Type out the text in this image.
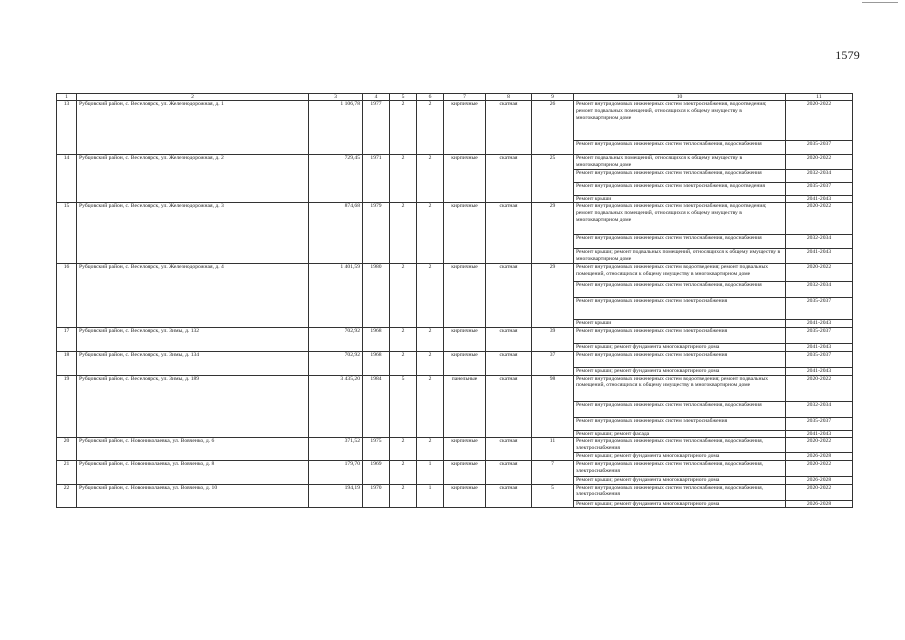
1579
1	2	3	4	5	6	7	8	9	10	11
13	Рубцовский район, с. Веселоярск, ул. Железнодорожная, д. 1	1 106,78	1977	2	2	кирпичные	скатная	26	Ремонт внутридомовых инженерных систем электроснабжения, водоотведения; ремонт подвальных помещений, относящихся к общему имуществу в многоквартирном доме	2020-2022
									Ремонт внутридомовых инженерных систем теплоснабжения, водоснабжения	2035-2037
14	Рубцовский район, с. Веселоярск, ул. Железнодорожная, д. 2	729,45	1971	2	2	кирпичные	скатная	25	Ремонт подвальных помещений, относящихся к общему имуществу в многоквартирном доме	2020-2022
									Ремонт внутридомовых инженерных систем теплоснабжения, водоснабжения	2032-2034
									Ремонт внутридомовых инженерных систем электроснабжения, водоотведения	2035-2037
									Ремонт крыши	2041-2043
15	Рубцовский район, с. Веселоярск, ул. Железнодорожная, д. 3	874,68	1979	2	2	кирпичные	скатная	29	Ремонт внутридомовых инженерных систем электроснабжения, водоотведения; ремонт подвальных помещений, относящихся к общему имуществу в многоквартирном доме	2020-2022
									Ремонт внутридомовых инженерных систем теплоснабжения, водоснабжения	2032-2034
									Ремонт крыши; ремонт подвальных помещений, относящихся к общему имуществу в многоквартирном доме	2041-2043
16	Рубцовский район, с. Веселоярск, ул. Железнодорожная, д. 4	1 401,59	1980	2	2	кирпичные	скатная	29	Ремонт внутридомовых инженерных систем водоотведения; ремонт подвальных помещений, относящихся к общему имуществу в многоквартирном доме	2020-2022
									Ремонт внутридомовых инженерных систем теплоснабжения, водоснабжения	2032-2034
									Ремонт внутридомовых инженерных систем электроснабжения	2035-2037
									Ремонт крыши	2041-2043
17	Рубцовский район, с. Веселоярск, ул. Зимы, д. 132	702,92	1968	2	2	кирпичные	скатная	39	Ремонт внутридомовых инженерных систем электроснабжения	2035-2037
									Ремонт крыши; ремонт фундамента многоквартирного дома	2041-2043
18	Рубцовский район, с. Веселоярск, ул. Зимы, д. 134	702,92	1968	2	2	кирпичные	скатная	37	Ремонт внутридомовых инженерных систем электроснабжения	2035-2037
									Ремонт крыши; ремонт фундамента многоквартирного дома	2041-2043
19	Рубцовский район, с. Веселоярск, ул. Зимы, д. 189	3 435,20	1984	5	2	панельные	скатная	98	Ремонт внутридомовых инженерных систем водоотведения; ремонт подвальных помещений, относящихся к общему имуществу в многоквартирном доме	2020-2022
									Ремонт внутридомовых инженерных систем теплоснабжения, водоснабжения	2032-2034
									Ремонт внутридомовых инженерных систем электроснабжения	2035-2037
									Ремонт крыши; ремонт фасада	2041-2043
20	Рубцовский район, с. Новониколаевка, ул. Вовченко, д. 6	371,52	1975	2	2	кирпичные	скатная	11	Ремонт внутридомовых инженерных систем теплоснабжения, водоснабжения, электроснабжения	2020-2022
									Ремонт крыши; ремонт фундамента многоквартирного дома	2026-2028
21	Рубцовский район, с. Новониколаевка, ул. Вовченко, д. 8	179,70	1969	2	1	кирпичные	скатная	7	Ремонт внутридомовых инженерных систем теплоснабжения, водоснабжения, электроснабжения	2020-2022
									Ремонт крыши; ремонт фундамента многоквартирного дома	2026-2028
22	Рубцовский район, с. Новониколаевка, ул. Вовченко, д. 10	194,19	1970	2	1	кирпичные	скатная	5	Ремонт внутридомовых инженерных систем теплоснабжения, водоснабжения, электроснабжения	2020-2022
									Ремонт крыши; ремонт фундамента многоквартирного дома	2026-2028
